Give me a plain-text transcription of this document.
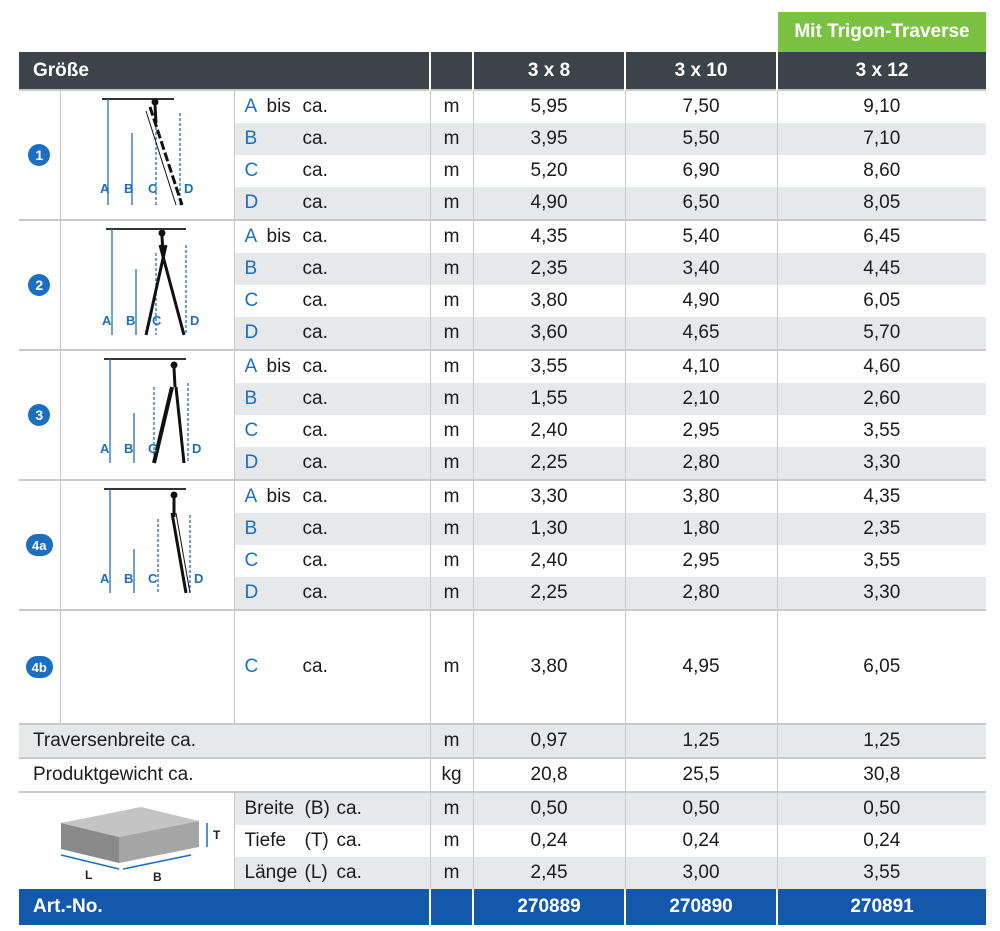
Mit Trigon-Traverse
Größe				3 x 8	3 x 10	3 x 12
1	A B C D	A bis ca.	m	5,95	7,50	9,10
		B ca.	m	3,95	5,50	7,10
		C ca.	m	5,20	6,90	8,60
		D ca.	m	4,90	6,50	8,05
2	A B C D	A bis ca.	m	4,35	5,40	6,45
		B ca.	m	2,35	3,40	4,45
		C ca.	m	3,80	4,90	6,05
		D ca.	m	3,60	4,65	5,70
3	A B C D	A bis ca.	m	3,55	4,10	4,60
		B ca.	m	1,55	2,10	2,60
		C ca.	m	2,40	2,95	3,55
		D ca.	m	2,25	2,80	3,30
4a	A B C D	A bis ca.	m	3,30	3,80	4,35
		B ca.	m	1,30	1,80	2,35
		C ca.	m	2,40	2,95	3,55
		D ca.	m	2,25	2,80	3,30
4b		C ca.	m	3,80	4,95	6,05
Traversenbreite ca.			m	0,97	1,25	1,25
Produktgewicht ca.			kg	20,8	25,5	30,8

T
L B		Breite (B) ca.	m	0,50	0,50	0,50
		Tiefe (T) ca.	m	0,24	0,24	0,24
		Länge (L) ca.	m	2,45	3,00	3,55
Art.-No.				270889	270890	270891
